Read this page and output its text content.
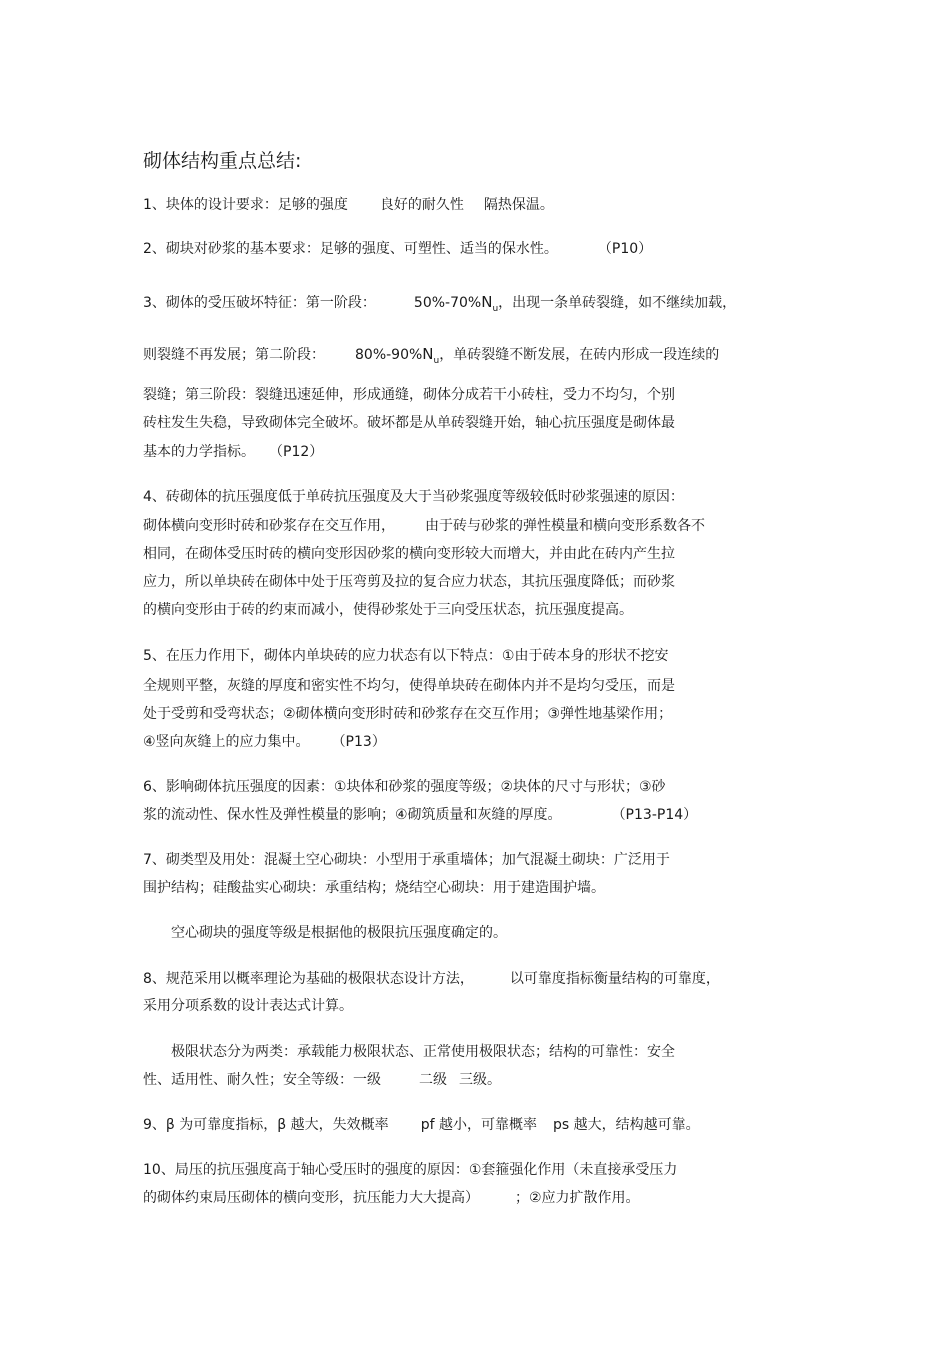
砌体结构重点总结:
1、块体的设计要求：足够的强度 良好的耐久性 隔热保温。
2、砌块对砂浆的基本要求：足够的强度、可塑性、适当的保水性。	（P10）
3、砌体的受压破坏特征：第一阶段：	$50\%-70\%N_u$，出现一条单砖裂缝，如不继续加载，
则裂缝不再发展；第二阶段： $80\%-90\%N_u$，单砖裂缝不断发展，在砖内形成一段连续的
裂缝；第三阶段：裂缝迅速延伸，形成通缝，砌体分成若干小砖柱，受力不均匀，个别
砖柱发生失稳，导致砌体完全破坏。破坏都是从单砖裂缝开始，轴心抗压强度是砌体最
基本的力学指标。 （P12）
4、砖砌体的抗压强度低于单砖抗压强度及大于当砂浆强度等级较低时砂浆强速的原因：
砌体横向变形时砖和砂浆存在交互作用， 由于砖与砂浆的弹性模量和横向变形系数各不
相同，在砌体受压时砖的横向变形因砂浆的横向变形较大而增大，并由此在砖内产生拉
应力，所以单块砖在砌体中处于压弯剪及拉的复合应力状态，其抗压强度降低；而砂浆
的横向变形由于砖的约束而减小，使得砂浆处于三向受压状态，抗压强度提高。
5、在压力作用下，砌体内单块砖的应力状态有以下特点：①由于砖本身的形状不挖安
全规则平整，灰缝的厚度和密实性不均匀，使得单块砖在砌体内并不是均匀受压，而是
处于受剪和受弯状态；②砌体横向变形时砖和砂浆存在交互作用；③弹性地基梁作用；
④竖向灰缝上的应力集中。 （P13）
6、影响砌体抗压强度的因素：①块体和砂浆的强度等级；②块体的尺寸与形状；③砂
浆的流动性、保水性及弹性模量的影响；④砌筑质量和灰缝的厚度。	（P13-P14）
7、砌类型及用处：混凝土空心砌块：小型用于承重墙体；加气混凝土砌块：广泛用于
围护结构；硅酸盐实心砌块：承重结构；烧结空心砌块：用于建造围护墙。
空心砌块的强度等级是根据他的极限抗压强度确定的。
8、规范采用以概率理论为基础的极限状态设计方法，	以可靠度指标衡量结构的可靠度，
采用分项系数的设计表达式计算。
极限状态分为两类：承载能力极限状态、正常使用极限状态；结构的可靠性：安全
性、适用性、耐久性；安全等级：一级	二级 三级。
9、β 为可靠度指标，β 越大，失效概率 pf 越小，可靠概率 ps 越大，结构越可靠。
10、局压的抗压强度高于轴心受压时的强度的原因：①套箍强化作用（未直接承受压力
的砌体约束局压砌体的横向变形，抗压能力大大提高）	；②应力扩散作用。
